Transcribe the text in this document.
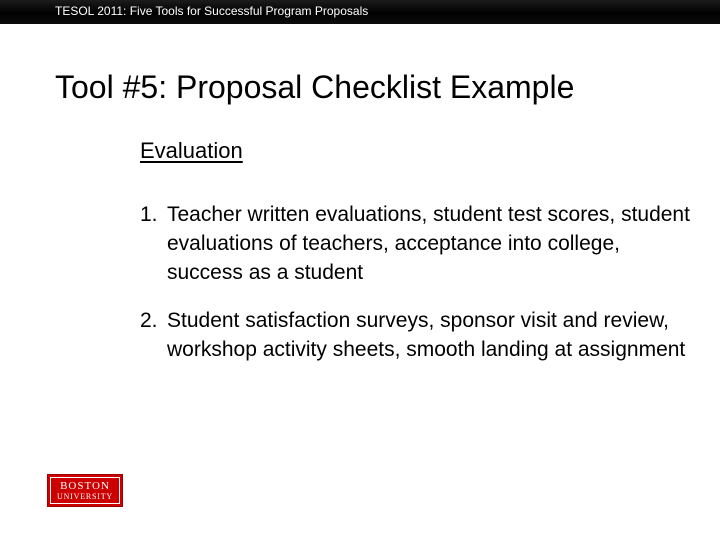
TESOL 2011: Five Tools for Successful Program Proposals
Tool #5: Proposal Checklist Example
Evaluation
1. Teacher written evaluations, student test scores, student evaluations of teachers, acceptance into college, success as a student
2. Student satisfaction surveys, sponsor visit and review, workshop activity sheets, smooth landing at assignment
BOSTON
UNIVERSITY
